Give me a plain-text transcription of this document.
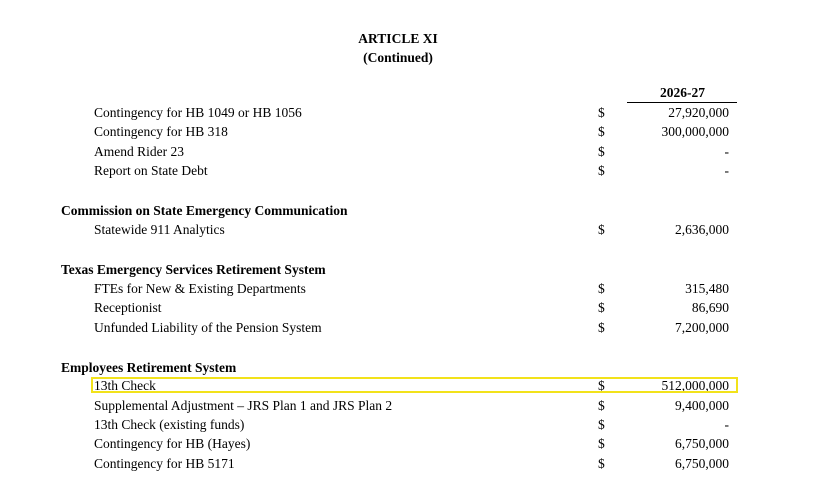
ARTICLE XI
(Continued)
2026-27
Contingency for HB 1049 or HB 1056	$	27,920,000
Contingency for HB 318	$	300,000,000
Amend Rider 23	$	-
Report on State Debt	$	-
Commission on State Emergency Communication
Statewide 911 Analytics	$	2,636,000
Texas Emergency Services Retirement System
FTEs for New & Existing Departments	$	315,480
Receptionist	$	86,690
Unfunded Liability of the Pension System	$	7,200,000
Employees Retirement System
13th Check	$	512,000,000
Supplemental Adjustment – JRS Plan 1 and JRS Plan 2	$	9,400,000
13th Check (existing funds)	$	-
Contingency for HB (Hayes)	$	6,750,000
Contingency for HB 5171	$	6,750,000
